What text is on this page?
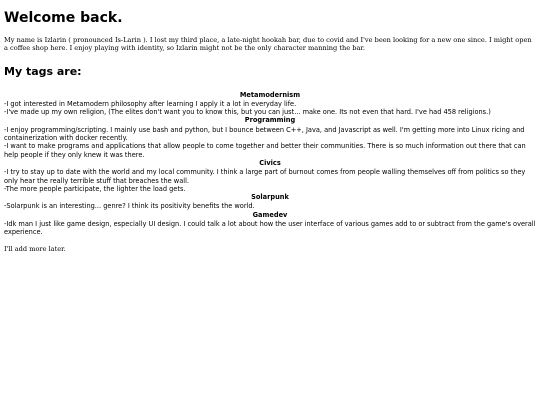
Welcome back.

My name is Izlarin ( pronounced Is-Larin ). I lost my third place, a late-night hookah bar, due to covid and I've been looking for a new one since. I might open a coffee shop here. I enjoy playing with identity, so Izlarin might not be the only character manning the bar.

My tags are:
Metamodernism
-I got interested in Metamodern philosophy after learning I apply it a lot in everyday life.
-I've made up my own religion, (The elites don't want you to know this, but you can just... make one. Its not even that hard. I've had 458 religions.)
Programming
-I enjoy programming/scripting. I mainly use bash and python, but I bounce between C++, Java, and Javascript as well. I'm getting more into Linux ricing and containerization with docker recently.
-I want to make programs and applications that allow people to come together and better their communities. There is so much information out there that can help people if they only knew it was there.
Civics
-I try to stay up to date with the world and my local community. I think a large part of burnout comes from people walling themselves off from politics so they only hear the really terrible stuff that breaches the wall.
-The more people participate, the lighter the load gets.
Solarpunk
-Solarpunk is an interesting... genre? I think its positivity benefits the world.
Gamedev
-Idk man I just like game design, especially UI design. I could talk a lot about how the user interface of various games add to or subtract from the game's overall experience.

I'll add more later.
